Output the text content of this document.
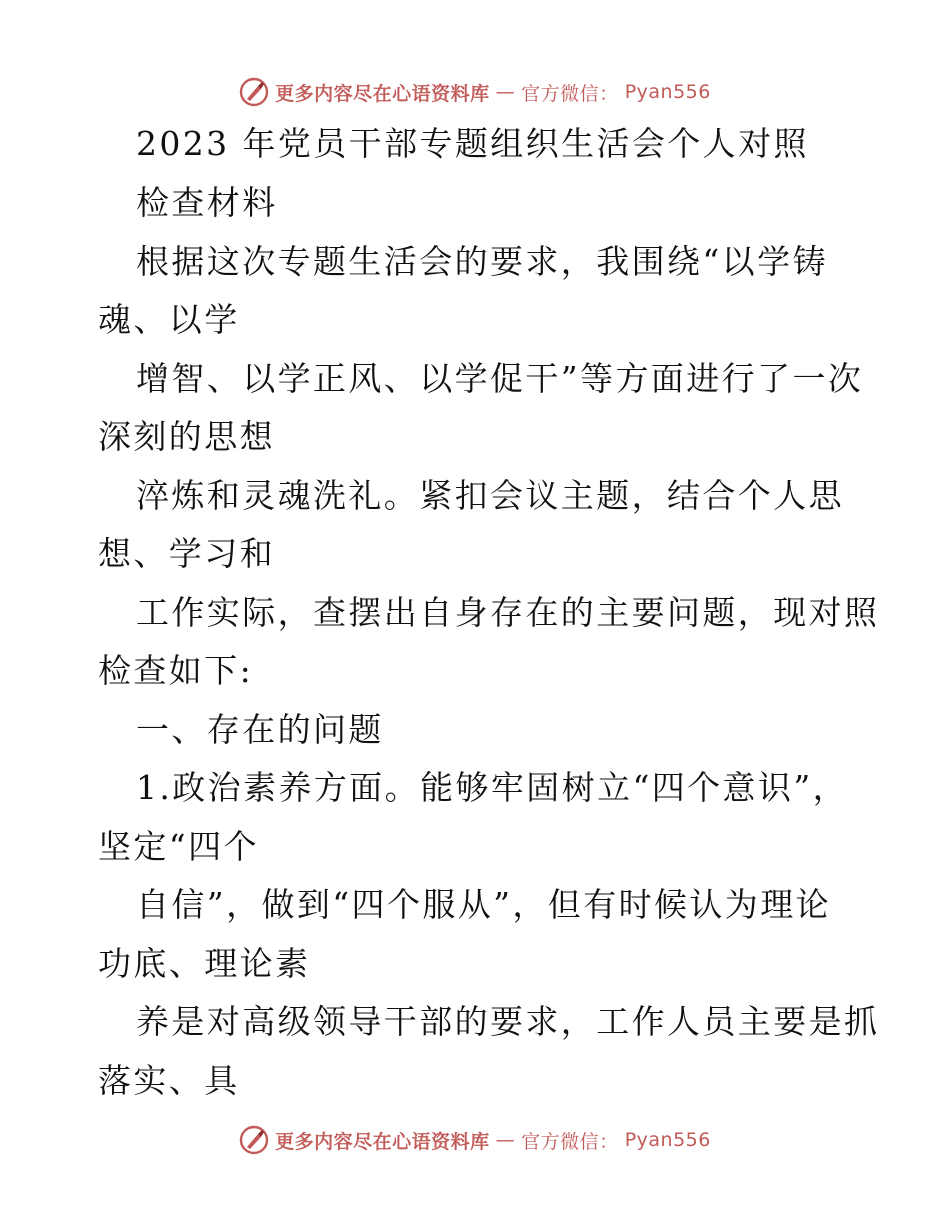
更多内容尽在心语资料库 — 官方微信： Pyan556
2023 年党员干部专题组织生活会个人对照
检查材料
根据这次专题生活会的要求，我围绕“以学铸
魂、以学
增智、以学正风、以学促干”等方面进行了一次
深刻的思想
淬炼和灵魂洗礼。紧扣会议主题，结合个人思
想、学习和
工作实际，查摆出自身存在的主要问题，现对照
检查如下:
一、存在的问题
1.政治素养方面。能够牢固树立“四个意识”，
坚定“四个
自信”，做到“四个服从”，但有时候认为理论
功底、理论素
养是对高级领导干部的要求，工作人员主要是抓
落实、具
更多内容尽在心语资料库 — 官方微信： Pyan556
